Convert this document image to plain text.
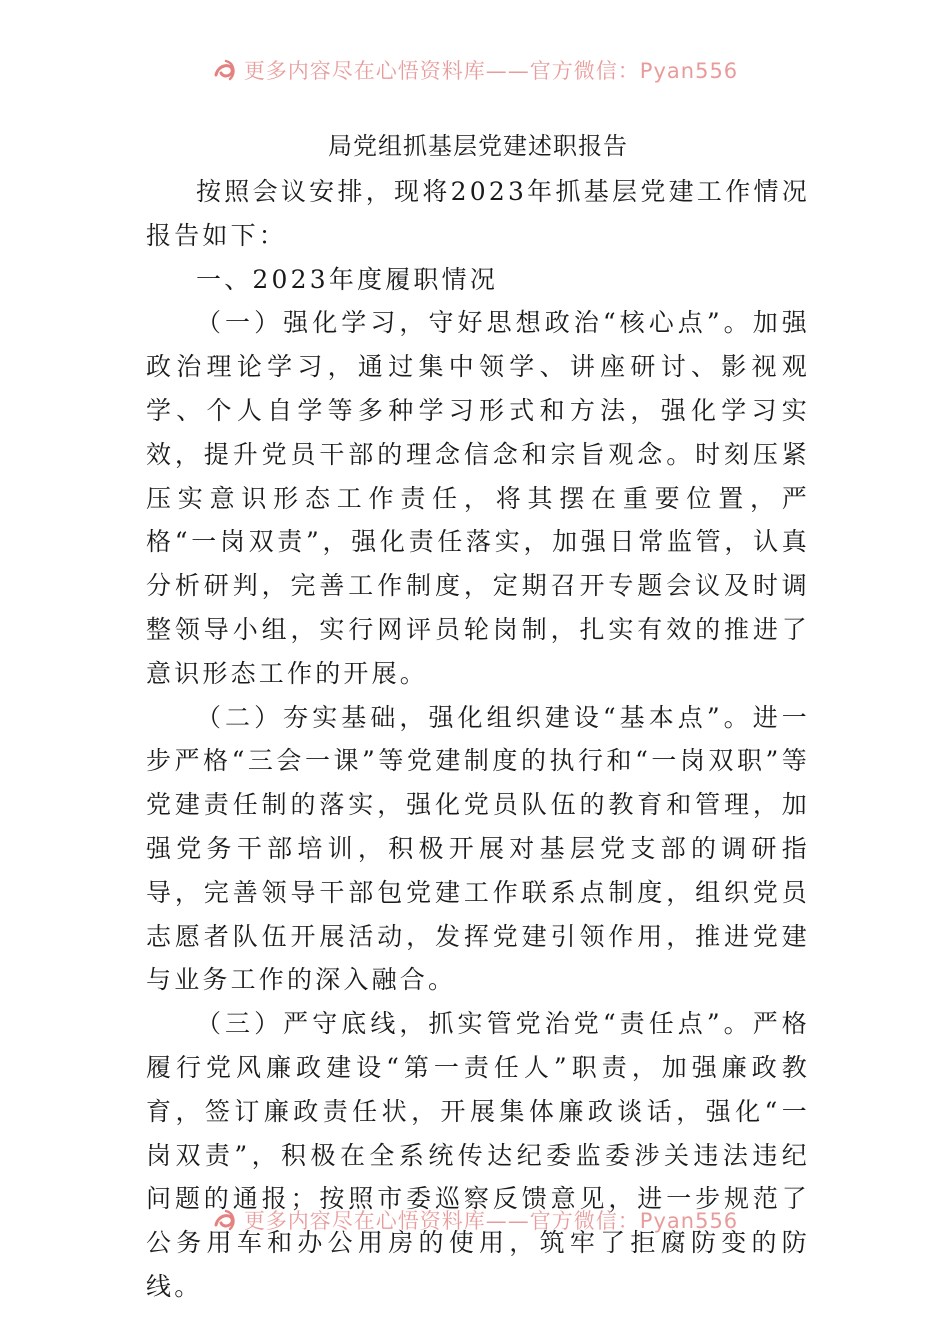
更多内容尽在心悟资料库——官方微信：Pyan556
局党组抓基层党建述职报告

按照会议安排，现将2023年抓基层党建工作情况报告如下：

一、2023年度履职情况

（一）强化学习，守好思想政治“核心点”。加强政治理论学习，通过集中领学、讲座研讨、影视观学、个人自学等多种学习形式和方法，强化学习实效，提升党员干部的理念信念和宗旨观念。时刻压紧压实意识形态工作责任，将其摆在重要位置，严格“一岗双责”，强化责任落实，加强日常监管，认真分析研判，完善工作制度，定期召开专题会议及时调整领导小组，实行网评员轮岗制，扎实有效的推进了意识形态工作的开展。

（二）夯实基础，强化组织建设“基本点”。进一步严格“三会一课”等党建制度的执行和“一岗双职”等党建责任制的落实，强化党员队伍的教育和管理，加强党务干部培训，积极开展对基层党支部的调研指导，完善领导干部包党建工作联系点制度，组织党员志愿者队伍开展活动，发挥党建引领作用，推进党建与业务工作的深入融合。

（三）严守底线，抓实管党治党“责任点”。严格履行党风廉政建设“第一责任人”职责，加强廉政教育，签订廉政责任状，开展集体廉政谈话，强化“一岗双责”，积极在全系统传达纪委监委涉关违法违纪问题的通报；按照市委巡察反馈意见，进一步规范了公务用车和办公用房的使用，筑牢了拒腐防变的防线。

更多内容尽在心悟资料库——官方微信：Pyan556
